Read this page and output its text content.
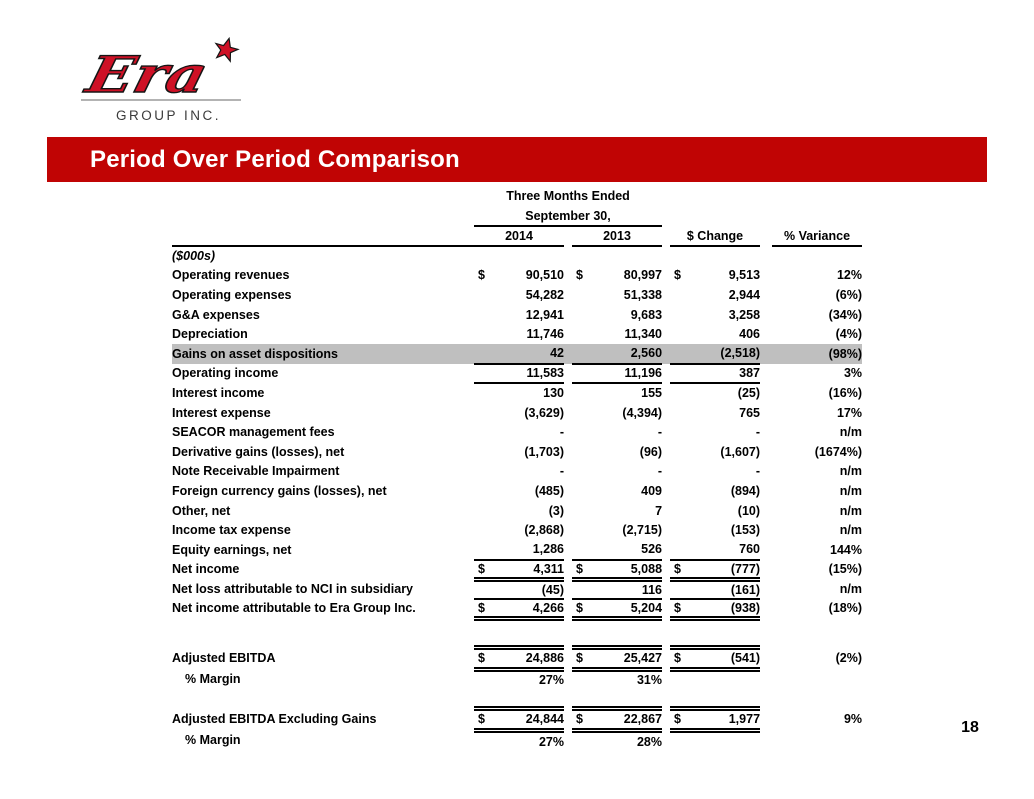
Era
GROUP INC.
Period Over Period Comparison
	Three Months Ended						
	September 30,						
	2014		2013		$ Change		% Variance
($000s)							
Operating revenues	$ 90,510		$ 80,997		$ 9,513		12%
Operating expenses	54,282		51,338		2,944		(6%)
G&A expenses	12,941		9,683		3,258		(34%)
Depreciation	11,746		11,340		406		(4%)
Gains on asset dispositions	42		2,560		(2,518)		(98%)
Operating income	11,583		11,196		387		3%
Interest income	130		155		(25)		(16%)
Interest expense	(3,629)		(4,394)		765		17%
SEACOR management fees	-		-		-		n/m
Derivative gains (losses), net	(1,703)		(96)		(1,607)		(1674%)
Note Receivable Impairment	-		-		-		n/m
Foreign currency gains (losses), net	(485)		409		(894)		n/m
Other, net	(3)		7		(10)		n/m
Income tax expense	(2,868)		(2,715)		(153)		n/m
Equity earnings, net	1,286		526		760		144%
Net income	$ 4,311		$ 5,088		$ (777)		(15%)
Net loss attributable to NCI in subsidiary	(45)		116		(161)		n/m
Net income attributable to Era Group Inc.	$ 4,266		$ 5,204		$ (938)		(18%)

Adjusted EBITDA	$ 24,886		$ 25,427		$ (541)		(2%)
% Margin	27%		31%				

Adjusted EBITDA Excluding Gains	$ 24,844		$ 22,867		$ 1,977		9%
% Margin	27%		28%				
18
